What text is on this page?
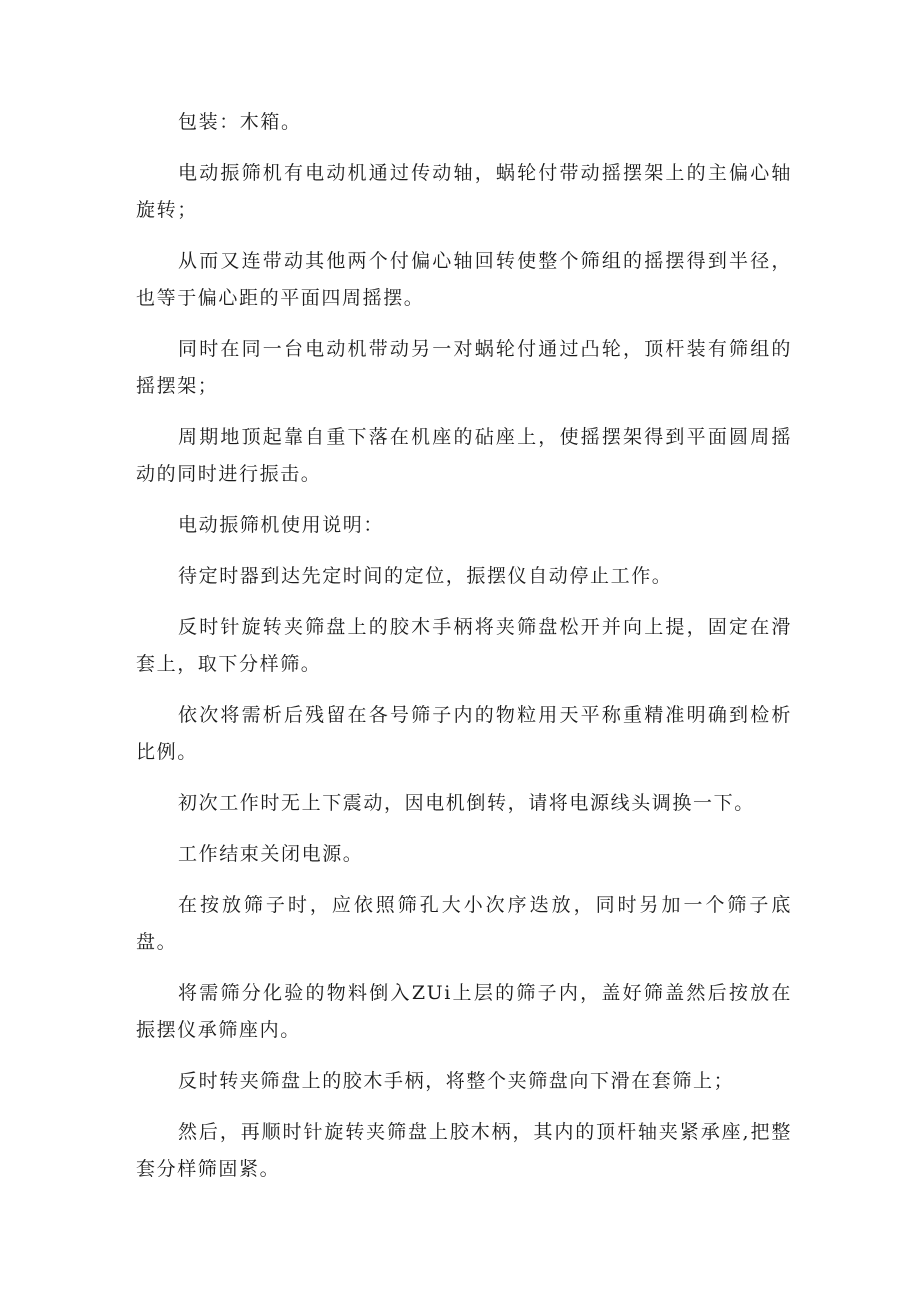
包装：木箱。

电动振筛机有电动机通过传动轴，蜗轮付带动摇摆架上的主偏心轴旋转；

从而又连带动其他两个付偏心轴回转使整个筛组的摇摆得到半径，也等于偏心距的平面四周摇摆。

同时在同一台电动机带动另一对蜗轮付通过凸轮，顶杆装有筛组的摇摆架；

周期地顶起靠自重下落在机座的砧座上，使摇摆架得到平面圆周摇动的同时进行振击。

电动振筛机使用说明：

待定时器到达先定时间的定位，振摆仪自动停止工作。

反时针旋转夹筛盘上的胶木手柄将夹筛盘松开并向上提，固定在滑套上，取下分样筛。

依次将需析后残留在各号筛子内的物粒用天平称重精准明确到检析比例。

初次工作时无上下震动，因电机倒转，请将电源线头调换一下。

工作结束关闭电源。

在按放筛子时，应依照筛孔大小次序迭放，同时另加一个筛子底盘。

将需筛分化验的物料倒入ZUi上层的筛子内，盖好筛盖然后按放在振摆仪承筛座内。

反时转夹筛盘上的胶木手柄，将整个夹筛盘向下滑在套筛上；

然后，再顺时针旋转夹筛盘上胶木柄，其内的顶杆轴夹紧承座,把整套分样筛固紧。
